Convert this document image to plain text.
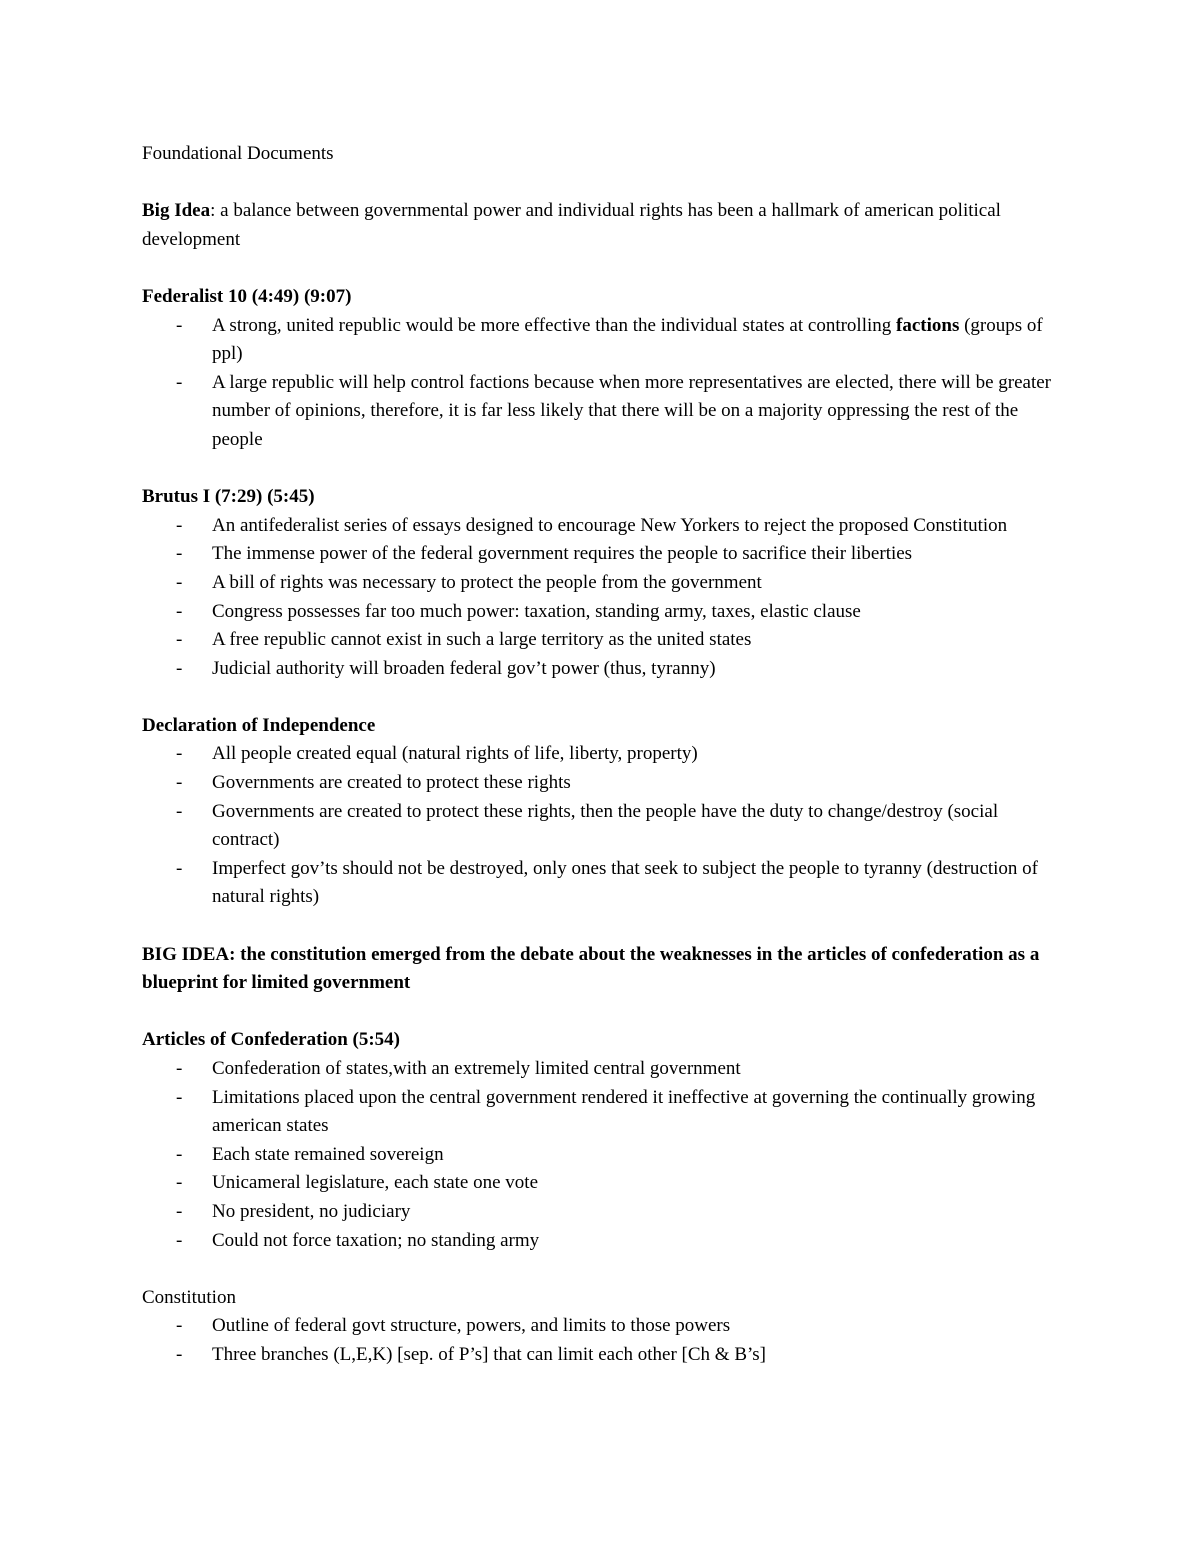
Foundational Documents

Big Idea: a balance between governmental power and individual rights has been a hallmark of american political development

Federalist 10 (4:49) (9:07)

- A strong, united republic would be more effective than the individual states at controlling factions (groups of ppl)
- A large republic will help control factions because when more representatives are elected, there will be greater number of opinions, therefore, it is far less likely that there will be on a majority oppressing the rest of the people

Brutus I (7:29) (5:45)

- An antifederalist series of essays designed to encourage New Yorkers to reject the proposed Constitution
- The immense power of the federal government requires the people to sacrifice their liberties
- A bill of rights was necessary to protect the people from the government
- Congress possesses far too much power: taxation, standing army, taxes, elastic clause
- A free republic cannot exist in such a large territory as the united states
- Judicial authority will broaden federal gov’t power (thus, tyranny)

Declaration of Independence

- All people created equal (natural rights of life, liberty, property)
- Governments are created to protect these rights
- Governments are created to protect these rights, then the people have the duty to change/destroy (social contract)
- Imperfect gov’ts should not be destroyed, only ones that seek to subject the people to tyranny (destruction of natural rights)

BIG IDEA: the constitution emerged from the debate about the weaknesses in the articles of confederation as a blueprint for limited government

Articles of Confederation (5:54)

- Confederation of states,with an extremely limited central government
- Limitations placed upon the central government rendered it ineffective at governing the continually growing american states
- Each state remained sovereign
- Unicameral legislature, each state one vote
- No president, no judiciary
- Could not force taxation; no standing army

Constitution

- Outline of federal govt structure, powers, and limits to those powers
- Three branches (L,E,K) [sep. of P’s] that can limit each other [Ch & B’s]
